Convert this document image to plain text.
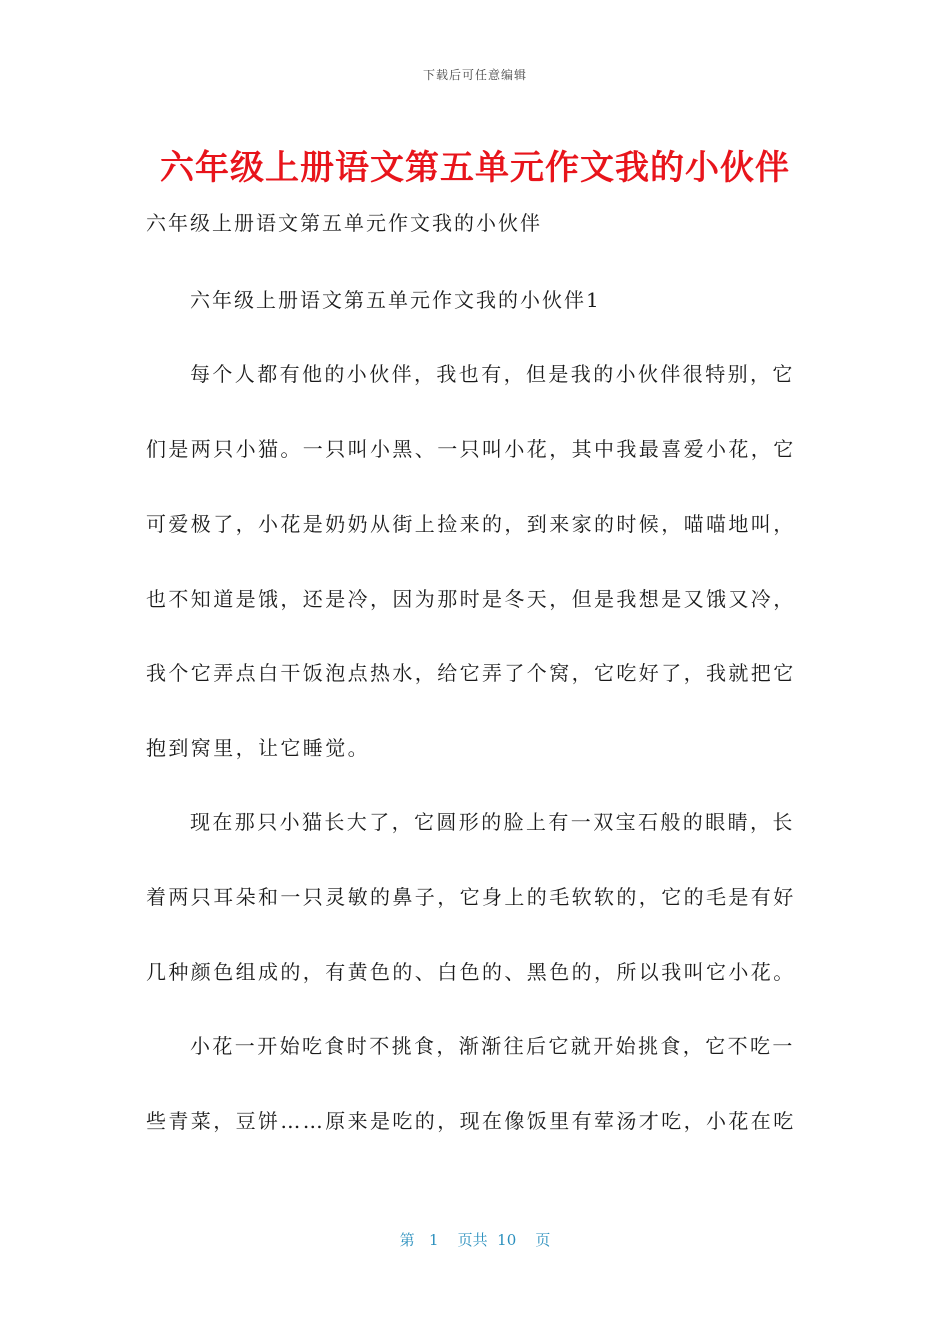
下载后可任意编辑
六年级上册语文第五单元作文我的小伙伴
六年级上册语文第五单元作文我的小伙伴
六年级上册语文第五单元作文我的小伙伴1
每个人都有他的小伙伴，我也有，但是我的小伙伴很特别，它
们是两只小猫。一只叫小黑、一只叫小花，其中我最喜爱小花，它
可爱极了，小花是奶奶从街上捡来的，到来家的时候，喵喵地叫，
也不知道是饿，还是冷，因为那时是冬天，但是我想是又饿又冷，
我个它弄点白干饭泡点热水，给它弄了个窝，它吃好了，我就把它
抱到窝里，让它睡觉。
现在那只小猫长大了，它圆形的脸上有一双宝石般的眼睛，长
着两只耳朵和一只灵敏的鼻子，它身上的毛软软的，它的毛是有好
几种颜色组成的，有黄色的、白色的、黑色的，所以我叫它小花。
小花一开始吃食时不挑食，渐渐往后它就开始挑食，它不吃一
些青菜，豆饼……原来是吃的，现在像饭里有荤汤才吃，小花在吃
第 1 页共 10 页
